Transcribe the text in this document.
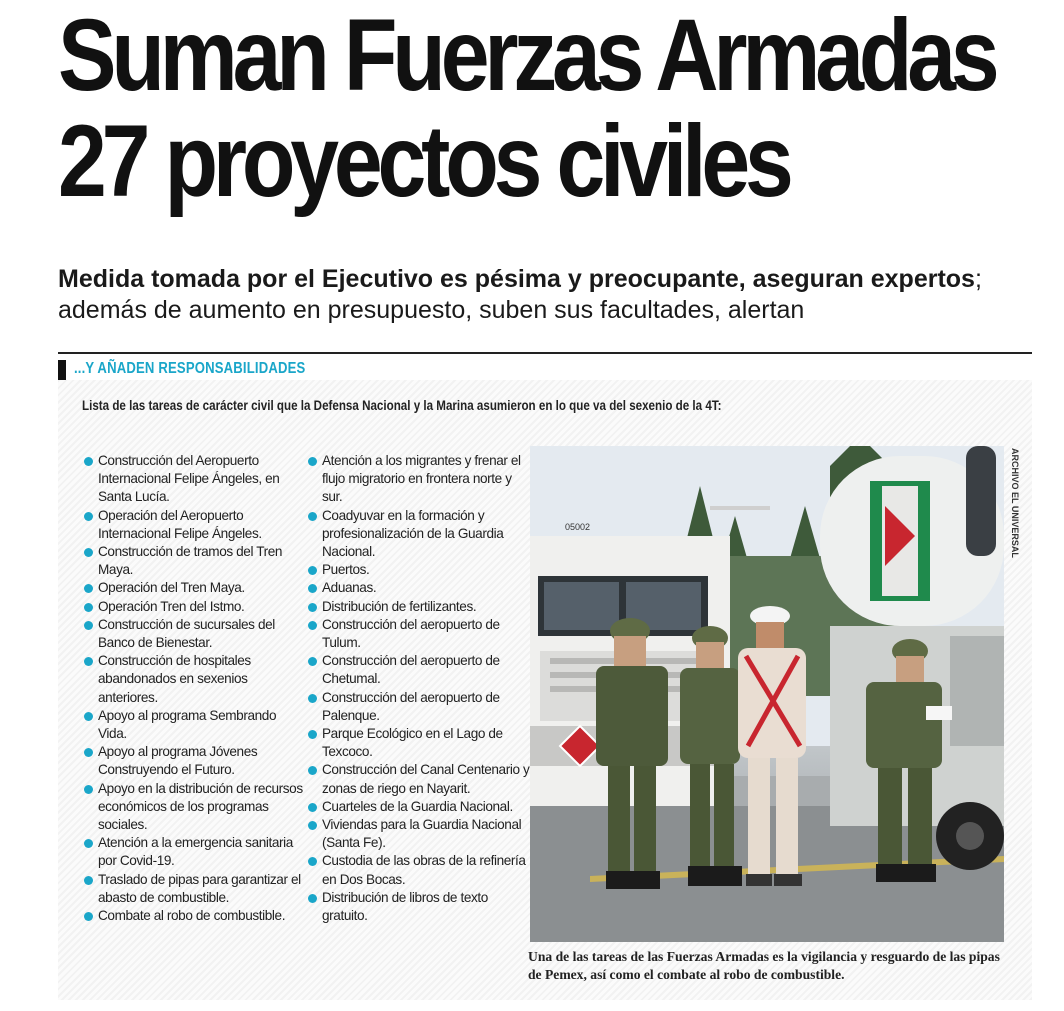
Suman Fuerzas Armadas
27 proyectos civiles
Medida tomada por el Ejecutivo es pésima y preocupante, aseguran expertos; además de aumento en presupuesto, suben sus facultades, alertan
...Y AÑADEN RESPONSABILIDADES
Lista de las tareas de carácter civil que la Defensa Nacional y la Marina asumieron en lo que va del sexenio de la 4T:
Construcción del Aeropuerto Internacional Felipe Ángeles, en Santa Lucía.
Operación del Aeropuerto Internacional Felipe Ángeles.
Construcción de tramos del Tren Maya.
Operación del Tren Maya.
Operación Tren del Istmo.
Construcción de sucursales del Banco de Bienestar.
Construcción de hospitales abandonados en sexenios anteriores.
Apoyo al programa Sembrando Vida.
Apoyo al programa Jóvenes Construyendo el Futuro.
Apoyo en la distribución de recursos económicos de los programas sociales.
Atención a la emergencia sanitaria por Covid-19.
Traslado de pipas para garantizar el abasto de combustible.
Combate al robo de combustible.
Atención a los migrantes y frenar el flujo migratorio en frontera norte y sur.
Coadyuvar en la formación y profesionalización de la Guardia Nacional.
Puertos.
Aduanas.
Distribución de fertilizantes.
Construcción del aeropuerto de Tulum.
Construcción del aeropuerto de Chetumal.
Construcción del aeropuerto de Palenque.
Parque Ecológico en el Lago de Texcoco.
Construcción del Canal Centenario y zonas de riego en Nayarit.
Cuarteles de la Guardia Nacional.
Viviendas para la Guardia Nacional (Santa Fe).
Custodia de las obras de la refinería en Dos Bocas.
Distribución de libros de texto gratuito.
05002	ARCHIVO EL UNIVERSAL
Una de las tareas de las Fuerzas Armadas es la vigilancia y resguardo de las pipas de Pemex, así como el combate al robo de combustible.
